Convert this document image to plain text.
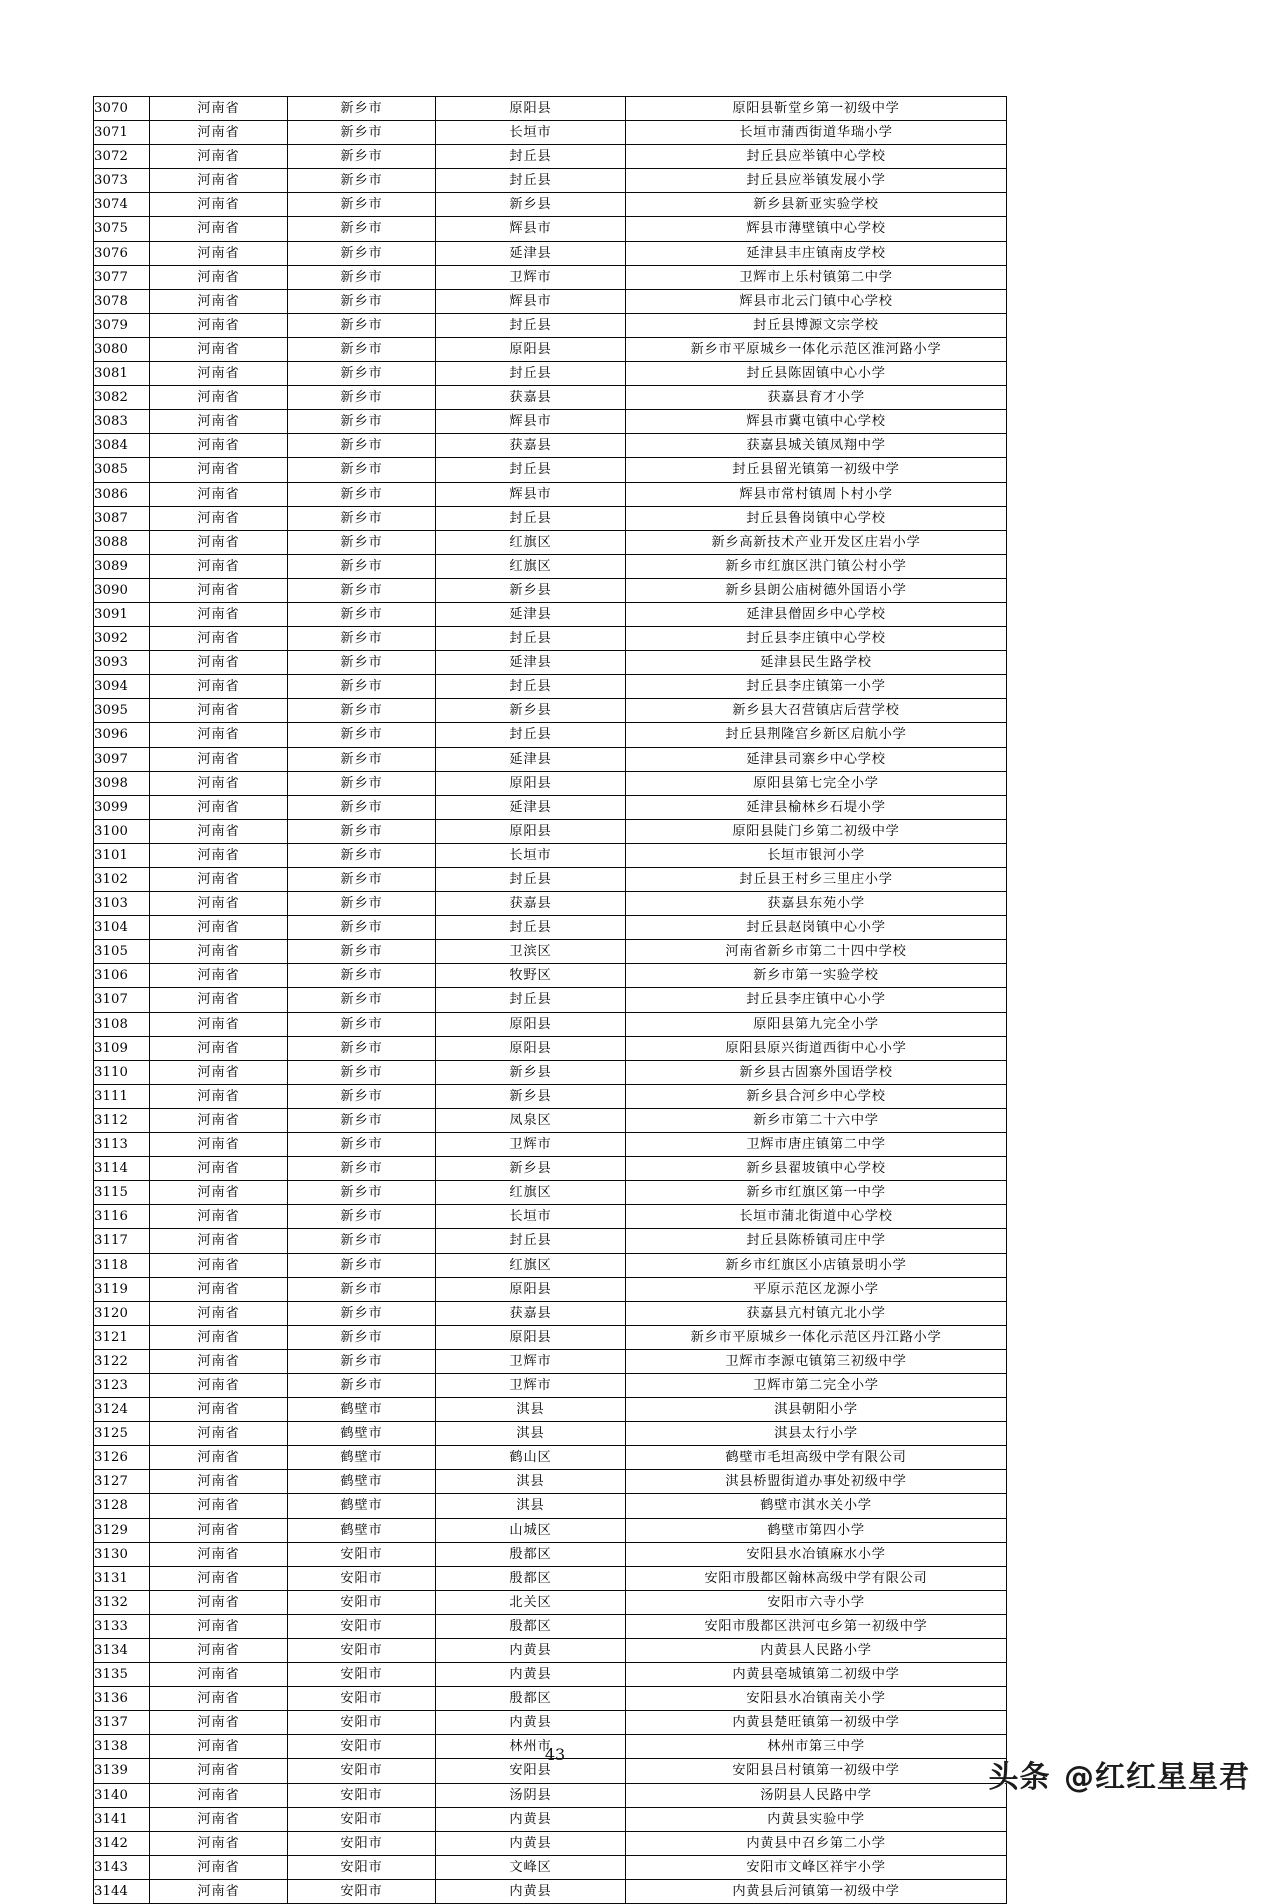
3070	河南省	新乡市	原阳县	原阳县靳堂乡第一初级中学
3071	河南省	新乡市	长垣市	长垣市蒲西街道华瑞小学
3072	河南省	新乡市	封丘县	封丘县应举镇中心学校
3073	河南省	新乡市	封丘县	封丘县应举镇发展小学
3074	河南省	新乡市	新乡县	新乡县新亚实验学校
3075	河南省	新乡市	辉县市	辉县市薄壁镇中心学校
3076	河南省	新乡市	延津县	延津县丰庄镇南皮学校
3077	河南省	新乡市	卫辉市	卫辉市上乐村镇第二中学
3078	河南省	新乡市	辉县市	辉县市北云门镇中心学校
3079	河南省	新乡市	封丘县	封丘县博源文宗学校
3080	河南省	新乡市	原阳县	新乡市平原城乡一体化示范区淮河路小学
3081	河南省	新乡市	封丘县	封丘县陈固镇中心小学
3082	河南省	新乡市	获嘉县	获嘉县育才小学
3083	河南省	新乡市	辉县市	辉县市冀屯镇中心学校
3084	河南省	新乡市	获嘉县	获嘉县城关镇凤翔中学
3085	河南省	新乡市	封丘县	封丘县留光镇第一初级中学
3086	河南省	新乡市	辉县市	辉县市常村镇周卜村小学
3087	河南省	新乡市	封丘县	封丘县鲁岗镇中心学校
3088	河南省	新乡市	红旗区	新乡高新技术产业开发区庄岩小学
3089	河南省	新乡市	红旗区	新乡市红旗区洪门镇公村小学
3090	河南省	新乡市	新乡县	新乡县朗公庙树德外国语小学
3091	河南省	新乡市	延津县	延津县僧固乡中心学校
3092	河南省	新乡市	封丘县	封丘县李庄镇中心学校
3093	河南省	新乡市	延津县	延津县民生路学校
3094	河南省	新乡市	封丘县	封丘县李庄镇第一小学
3095	河南省	新乡市	新乡县	新乡县大召营镇店后营学校
3096	河南省	新乡市	封丘县	封丘县荆隆宫乡新区启航小学
3097	河南省	新乡市	延津县	延津县司寨乡中心学校
3098	河南省	新乡市	原阳县	原阳县第七完全小学
3099	河南省	新乡市	延津县	延津县榆林乡石堤小学
3100	河南省	新乡市	原阳县	原阳县陡门乡第二初级中学
3101	河南省	新乡市	长垣市	长垣市银河小学
3102	河南省	新乡市	封丘县	封丘县王村乡三里庄小学
3103	河南省	新乡市	获嘉县	获嘉县东苑小学
3104	河南省	新乡市	封丘县	封丘县赵岗镇中心小学
3105	河南省	新乡市	卫滨区	河南省新乡市第二十四中学校
3106	河南省	新乡市	牧野区	新乡市第一实验学校
3107	河南省	新乡市	封丘县	封丘县李庄镇中心小学
3108	河南省	新乡市	原阳县	原阳县第九完全小学
3109	河南省	新乡市	原阳县	原阳县原兴街道西街中心小学
3110	河南省	新乡市	新乡县	新乡县古固寨外国语学校
3111	河南省	新乡市	新乡县	新乡县合河乡中心学校
3112	河南省	新乡市	凤泉区	新乡市第二十六中学
3113	河南省	新乡市	卫辉市	卫辉市唐庄镇第二中学
3114	河南省	新乡市	新乡县	新乡县翟坡镇中心学校
3115	河南省	新乡市	红旗区	新乡市红旗区第一中学
3116	河南省	新乡市	长垣市	长垣市蒲北街道中心学校
3117	河南省	新乡市	封丘县	封丘县陈桥镇司庄中学
3118	河南省	新乡市	红旗区	新乡市红旗区小店镇景明小学
3119	河南省	新乡市	原阳县	平原示范区龙源小学
3120	河南省	新乡市	获嘉县	获嘉县亢村镇亢北小学
3121	河南省	新乡市	原阳县	新乡市平原城乡一体化示范区丹江路小学
3122	河南省	新乡市	卫辉市	卫辉市李源屯镇第三初级中学
3123	河南省	新乡市	卫辉市	卫辉市第二完全小学
3124	河南省	鹤壁市	淇县	淇县朝阳小学
3125	河南省	鹤壁市	淇县	淇县太行小学
3126	河南省	鹤壁市	鹤山区	鹤壁市毛坦高级中学有限公司
3127	河南省	鹤壁市	淇县	淇县桥盟街道办事处初级中学
3128	河南省	鹤壁市	淇县	鹤壁市淇水关小学
3129	河南省	鹤壁市	山城区	鹤壁市第四小学
3130	河南省	安阳市	殷都区	安阳县水冶镇麻水小学
3131	河南省	安阳市	殷都区	安阳市殷都区翰林高级中学有限公司
3132	河南省	安阳市	北关区	安阳市六寺小学
3133	河南省	安阳市	殷都区	安阳市殷都区洪河屯乡第一初级中学
3134	河南省	安阳市	内黄县	内黄县人民路小学
3135	河南省	安阳市	内黄县	内黄县亳城镇第二初级中学
3136	河南省	安阳市	殷都区	安阳县水冶镇南关小学
3137	河南省	安阳市	内黄县	内黄县楚旺镇第一初级中学
3138	河南省	安阳市	林州市	林州市第三中学
3139	河南省	安阳市	安阳县	安阳县吕村镇第一初级中学
3140	河南省	安阳市	汤阴县	汤阴县人民路中学
3141	河南省	安阳市	内黄县	内黄县实验中学
3142	河南省	安阳市	内黄县	内黄县中召乡第二小学
3143	河南省	安阳市	文峰区	安阳市文峰区祥宇小学
3144	河南省	安阳市	内黄县	内黄县后河镇第一初级中学
43
头条 @红红星星君
